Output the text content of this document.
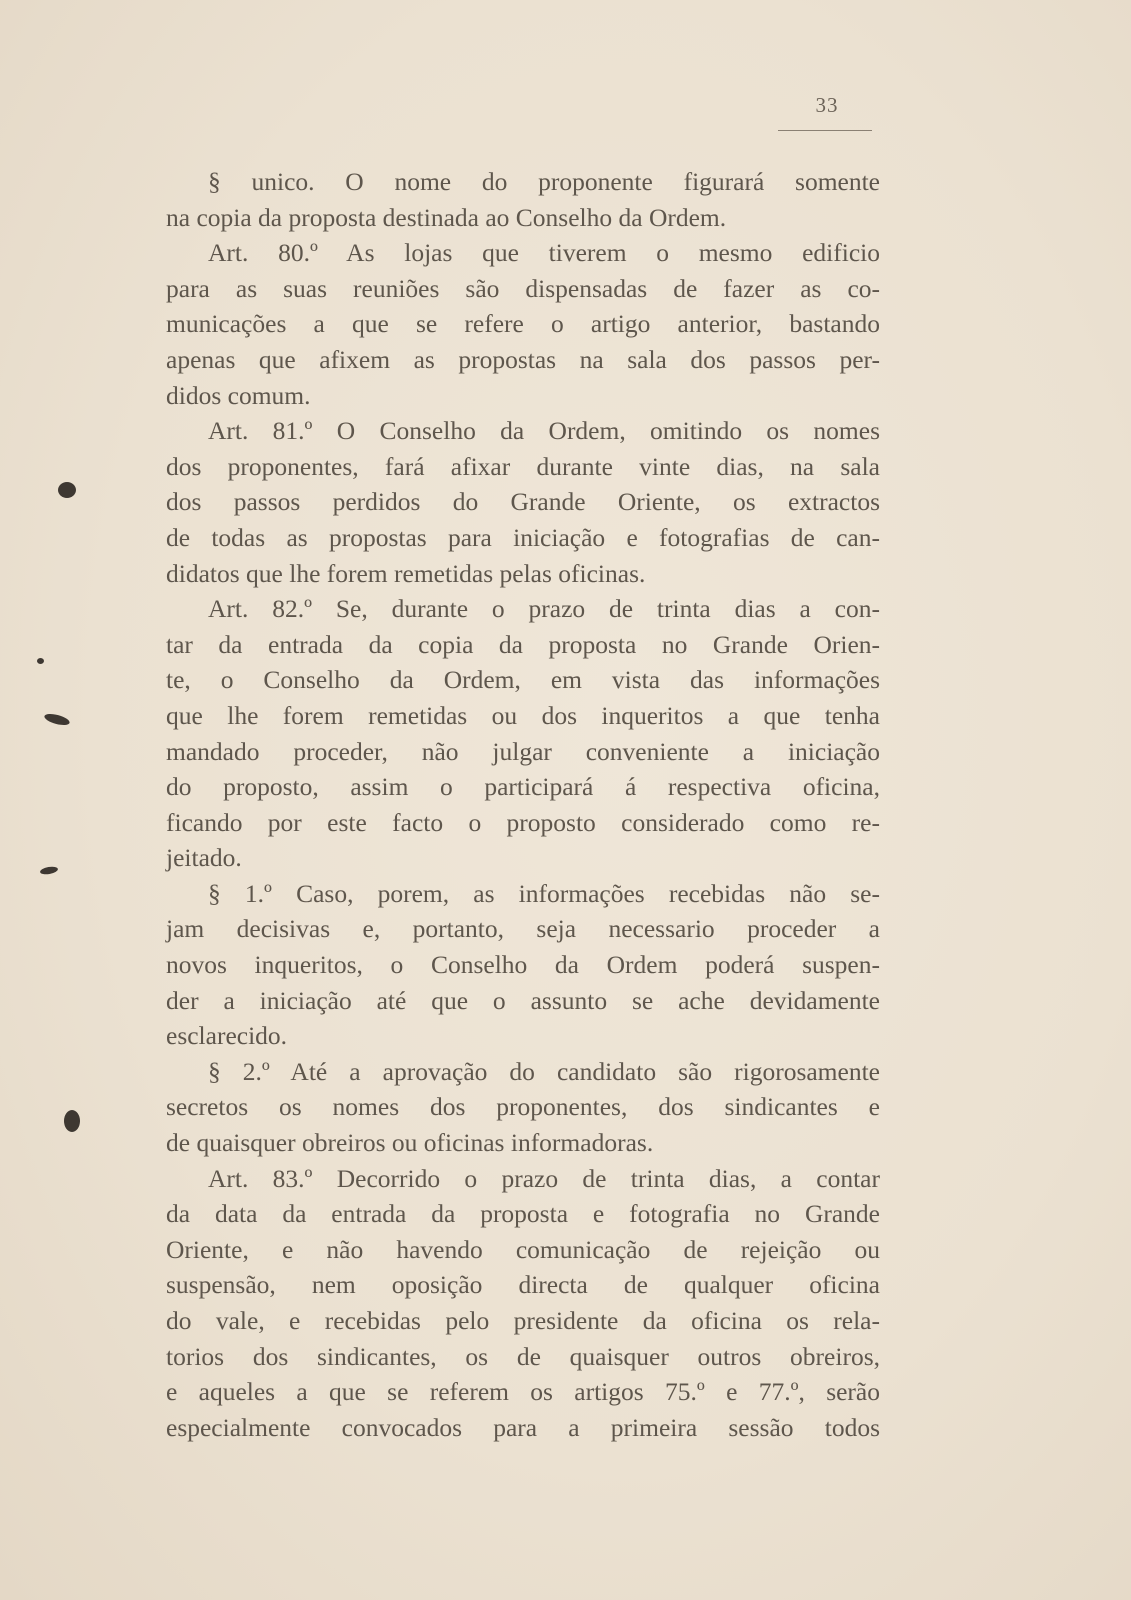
33
§ unico. O nome do proponente figurará somente
na copia da proposta destinada ao Conselho da Ordem.
Art. 80.º As lojas que tiverem o mesmo edificio
para as suas reuniões são dispensadas de fazer as co-
municações a que se refere o artigo anterior, bastando
apenas que afixem as propostas na sala dos passos per-
didos comum.
Art. 81.º O Conselho da Ordem, omitindo os nomes
dos proponentes, fará afixar durante vinte dias, na sala
dos passos perdidos do Grande Oriente, os extractos
de todas as propostas para iniciação e fotografias de can-
didatos que lhe forem remetidas pelas oficinas.
Art. 82.º Se, durante o prazo de trinta dias a con-
tar da entrada da copia da proposta no Grande Orien-
te, o Conselho da Ordem, em vista das informações
que lhe forem remetidas ou dos inqueritos a que tenha
mandado proceder, não julgar conveniente a iniciação
do proposto, assim o participará á respectiva oficina,
ficando por este facto o proposto considerado como re-
jeitado.
§ 1.º Caso, porem, as informações recebidas não se-
jam decisivas e, portanto, seja necessario proceder a
novos inqueritos, o Conselho da Ordem poderá suspen-
der a iniciação até que o assunto se ache devidamente
esclarecido.
§ 2.º Até a aprovação do candidato são rigorosamente
secretos os nomes dos proponentes, dos sindicantes e
de quaisquer obreiros ou oficinas informadoras.
Art. 83.º Decorrido o prazo de trinta dias, a contar
da data da entrada da proposta e fotografia no Grande
Oriente, e não havendo comunicação de rejeição ou
suspensão, nem oposição directa de qualquer oficina
do vale, e recebidas pelo presidente da oficina os rela-
torios dos sindicantes, os de quaisquer outros obreiros,
e aqueles a que se referem os artigos 75.º e 77.º, serão
especialmente convocados para a primeira sessão todos
